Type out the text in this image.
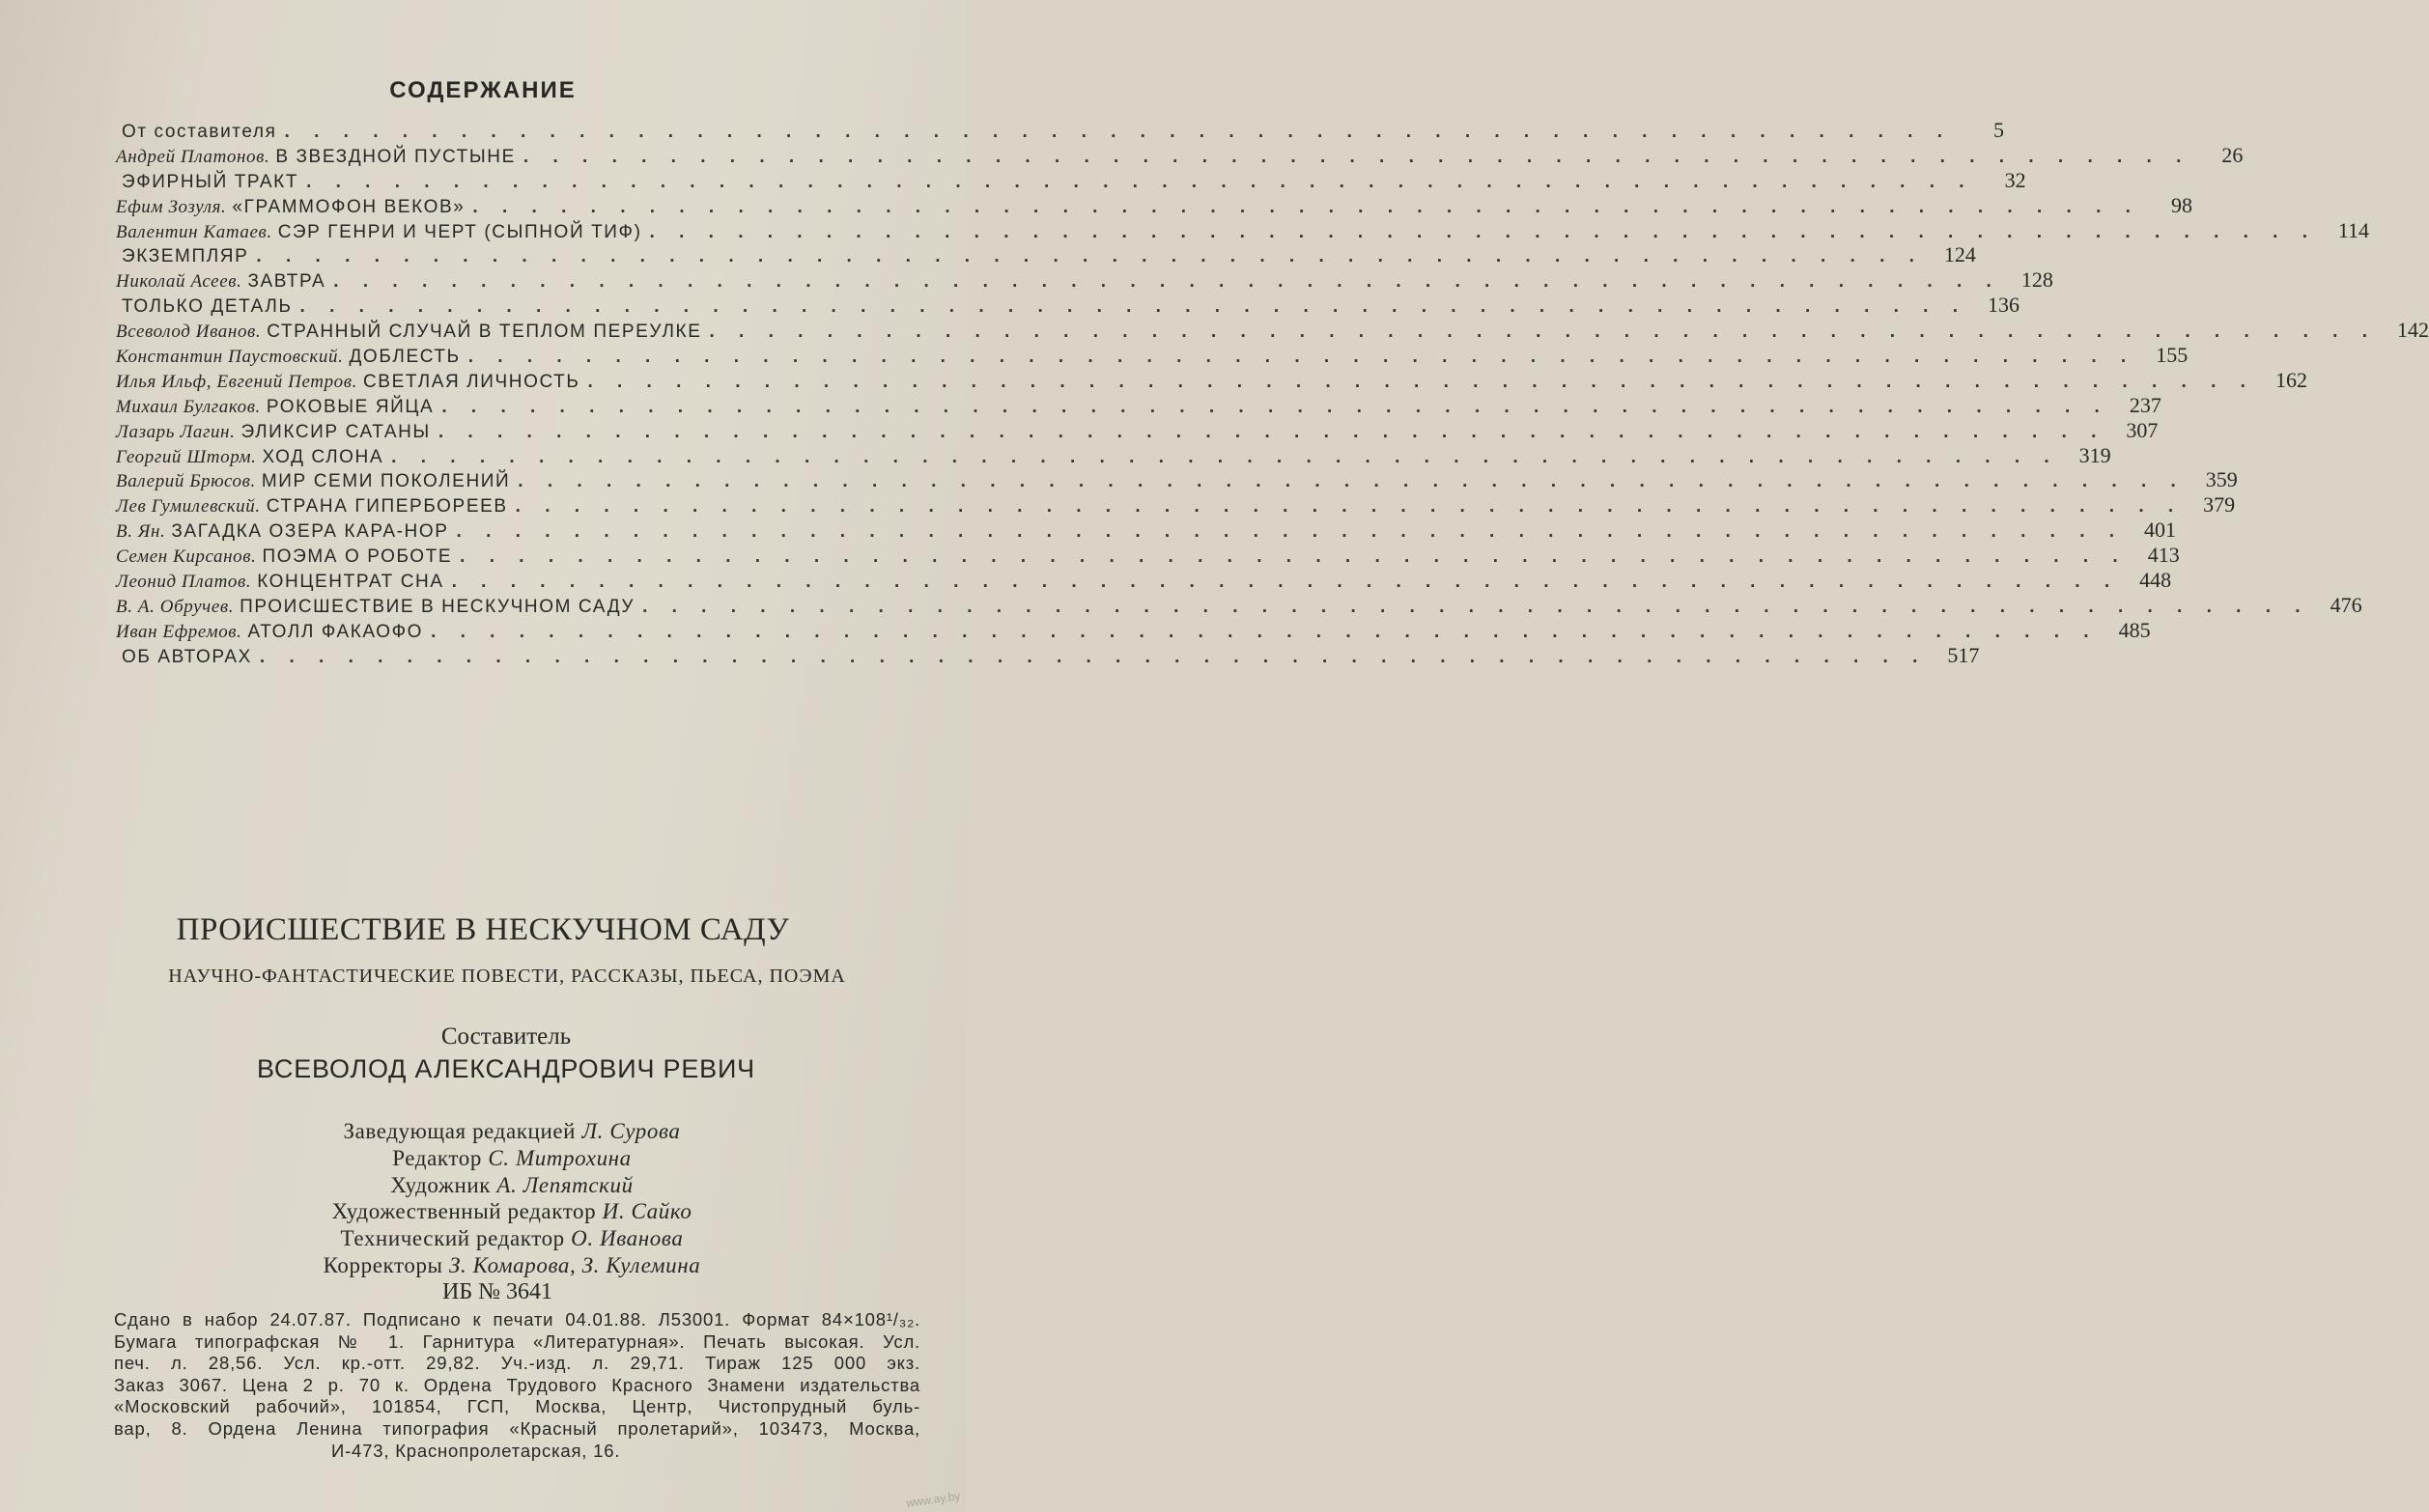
СОДЕРЖАНИЕ
От составителя . . . . . . . . . . . . . . . . . . . . . . . . . . . . . . . . . . . . . . . . . . . . . . . . . . . . . . . . .	5
Андрей Платонов. В ЗВЕЗДНОЙ ПУСТЫНЕ . . . . . . . . . . . . . . . . . . . . . . . . . . . . . . . . . . . . . . . . . . . . . . . . . . . . . . . . .	26
ЭФИРНЫЙ ТРАКТ . . . . . . . . . . . . . . . . . . . . . . . . . . . . . . . . . . . . . . . . . . . . . . . . . . . . . . . . .	32
Ефим Зозуля. «ГРАММОФОН ВЕКОВ» . . . . . . . . . . . . . . . . . . . . . . . . . . . . . . . . . . . . . . . . . . . . . . . . . . . . . . . . .	98
Валентин Катаев. СЭР ГЕНРИ И ЧЕРТ (СЫПНОЙ ТИФ) . . . . . . . . . . . . . . . . . . . . . . . . . . . . . . . . . . . . . . . . . . . . . . . . . . . . . . . . . 114
ЭКЗЕМПЛЯР . . . . . . . . . . . . . . . . . . . . . . . . . . . . . . . . . . . . . . . . . . . . . . . . . . . . . . . . . 124
Николай Асеев. ЗАВТРА . . . . . . . . . . . . . . . . . . . . . . . . . . . . . . . . . . . . . . . . . . . . . . . . . . . . . . . . . 128
ТОЛЬКО ДЕТАЛЬ . . . . . . . . . . . . . . . . . . . . . . . . . . . . . . . . . . . . . . . . . . . . . . . . . . . . . . . . . 136
Всеволод Иванов. СТРАННЫЙ СЛУЧАЙ В ТЕПЛОМ ПЕРЕУЛКЕ . . . . . . . . . . . . . . . . . . . . . . . . . . . . . . . . . . . . . . . . . . . . . . . . . . . . . . . . . 142
Константин Паустовский. ДОБЛЕСТЬ . . . . . . . . . . . . . . . . . . . . . . . . . . . . . . . . . . . . . . . . . . . . . . . . . . . . . . . . . 155
Илья Ильф, Евгений Петров. СВЕТЛАЯ ЛИЧНОСТЬ . . . . . . . . . . . . . . . . . . . . . . . . . . . . . . . . . . . . . . . . . . . . . . . . . . . . . . . . . 162
Михаил Булгаков. РОКОВЫЕ ЯЙЦА . . . . . . . . . . . . . . . . . . . . . . . . . . . . . . . . . . . . . . . . . . . . . . . . . . . . . . . . . 237
Лазарь Лагин. ЭЛИКСИР САТАНЫ . . . . . . . . . . . . . . . . . . . . . . . . . . . . . . . . . . . . . . . . . . . . . . . . . . . . . . . . . 307
Георгий Шторм. ХОД СЛОНА . . . . . . . . . . . . . . . . . . . . . . . . . . . . . . . . . . . . . . . . . . . . . . . . . . . . . . . . . 319
Валерий Брюсов. МИР СЕМИ ПОКОЛЕНИЙ . . . . . . . . . . . . . . . . . . . . . . . . . . . . . . . . . . . . . . . . . . . . . . . . . . . . . . . . . 359
Лев Гумилевский. СТРАНА ГИПЕРБОРЕЕВ . . . . . . . . . . . . . . . . . . . . . . . . . . . . . . . . . . . . . . . . . . . . . . . . . . . . . . . . . 379
В. Ян. ЗАГАДКА ОЗЕРА КАРА-НОР . . . . . . . . . . . . . . . . . . . . . . . . . . . . . . . . . . . . . . . . . . . . . . . . . . . . . . . . . 401
Семен Кирсанов. ПОЭМА О РОБОТЕ . . . . . . . . . . . . . . . . . . . . . . . . . . . . . . . . . . . . . . . . . . . . . . . . . . . . . . . . . 413
Леонид Платов. КОНЦЕНТРАТ СНА . . . . . . . . . . . . . . . . . . . . . . . . . . . . . . . . . . . . . . . . . . . . . . . . . . . . . . . . . 448
В. А. Обручев. ПРОИСШЕСТВИЕ В НЕСКУЧНОМ САДУ . . . . . . . . . . . . . . . . . . . . . . . . . . . . . . . . . . . . . . . . . . . . . . . . . . . . . . . . . 476
Иван Ефремов. АТОЛЛ ФАКАОФО . . . . . . . . . . . . . . . . . . . . . . . . . . . . . . . . . . . . . . . . . . . . . . . . . . . . . . . . . 485
ОБ АВТОРАХ . . . . . . . . . . . . . . . . . . . . . . . . . . . . . . . . . . . . . . . . . . . . . . . . . . . . . . . . . 517
ПРОИСШЕСТВИЕ В НЕСКУЧНОМ САДУ
НАУЧНО-ФАНТАСТИЧЕСКИЕ ПОВЕСТИ, РАССКАЗЫ, ПЬЕСА, ПОЭМА
Составитель
ВСЕВОЛОД АЛЕКСАНДРОВИЧ РЕВИЧ
Заведующая редакцией Л. Сурова
Редактор С. Митрохина
Художник А. Лепятский
Художественный редактор И. Сайко
Технический редактор О. Иванова
Корректоры З. Комарова, З. Кулемина
ИБ № 3641
Сдано в набор 24.07.87. Подписано к печати 04.01.88. Л53001. Формат 84×108¹/₃₂.
Бумага типографская № 1. Гарнитура «Литературная». Печать высокая. Усл.
печ. л. 28,56. Усл. кр.-отт. 29,82. Уч.-изд. л. 29,71. Тираж 125 000 экз.
Заказ 3067. Цена 2 р. 70 к. Ордена Трудового Красного Знамени издательства
«Московский рабочий», 101854, ГСП, Москва, Центр, Чистопрудный буль-
вар, 8. Ордена Ленина типография «Красный пролетарий», 103473, Москва,
И-473, Краснопролетарская, 16.
www.ay.by
